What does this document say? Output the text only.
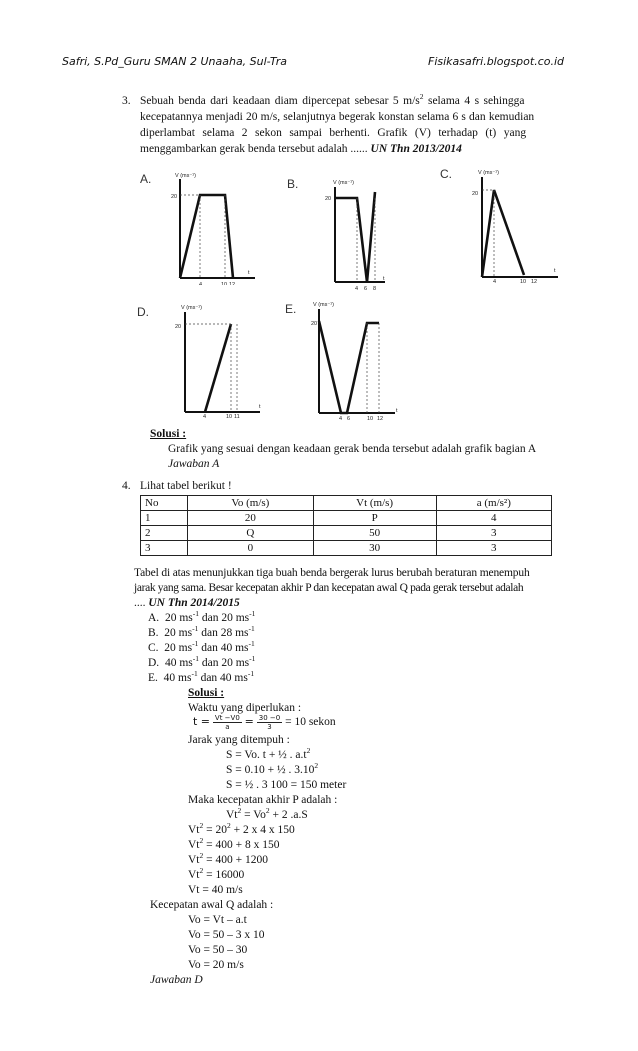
Safri, S.Pd_Guru SMAN 2 Unaaha, Sul-Tra	Fisikasafri.blogspot.co.id
3. Sebuah benda dari keadaan diam dipercepat sebesar 5 $m/s^2$ selama 4 s sehingga
kecepatannya menjadi 20 m/s, selanjutnya begerak konstan selama 6 s dan kemudian
diperlambat selama 2 sekon sampai berhenti. Grafik (V) terhadap (t) yang
menggambarkan gerak benda tersebut adalah ...... UN Thn 2013/2014
A.	V (ms⁻¹)
t
20
4	10 12
B.	V (ms⁻¹)
t
20
4 6 8
C.	V (ms⁻¹)
t
20
4	10 12
D.	V (ms⁻¹)
t
20
4	10 11
E.	V (ms⁻¹)
t
20
4 6	10 12
Solusi :
Grafik yang sesuai dengan keadaan gerak benda tersebut adalah grafik bagian A
Jawaban A
4. Lihat tabel berikut !
No	Vo (m/s)	Vt (m/s)	a (m/s²)
1	20	P	4
2	Q	50	3
3	0	30	3
Tabel di atas menunjukkan tiga buah benda bergerak lurus berubah beraturan menempuh
jarak yang sama. Besar kecepatan akhir P dan kecepatan awal Q pada gerak tersebut adalah
.... UN Thn 2014/2015
A. 20 $ms^{-1}$ dan 20 $ms^{-1}$
B. 20 $ms^{-1}$ dan 28 $ms^{-1}$
C. 20 $ms^{-1}$ dan 40 $ms^{-1}$
D. 40 $ms^{-1}$ dan 20 $ms^{-1}$
E. 40 $ms^{-1}$ dan 40 $ms^{-1}$
Solusi :
Waktu yang diperlukan :
$t = \frac{Vt -V0}{a} = \frac{30 -0}{3} = 10$ sekon
Jarak yang ditempuh :
S = Vo. t + ½ . $a.t^2$
S = 0.10 + ½ . 3.10$^2$
S = ½ . 3 100 = 150 meter
Maka kecepatan akhir P adalah :
$Vt^2 = Vo^2 + 2$ .a.S
$Vt^2 = 20^2 + 2$ x 4 x 150
$Vt^2 = 400 + 8$ x 150
$Vt^2 = 400 + 1200$
$Vt^2 = 16000$
Vt = 40 m/s
Kecepatan awal Q adalah :
Vo = Vt – a.t
Vo = 50 – 3 x 10
Vo = 50 – 30
Vo = 20 m/s
Jawaban D
